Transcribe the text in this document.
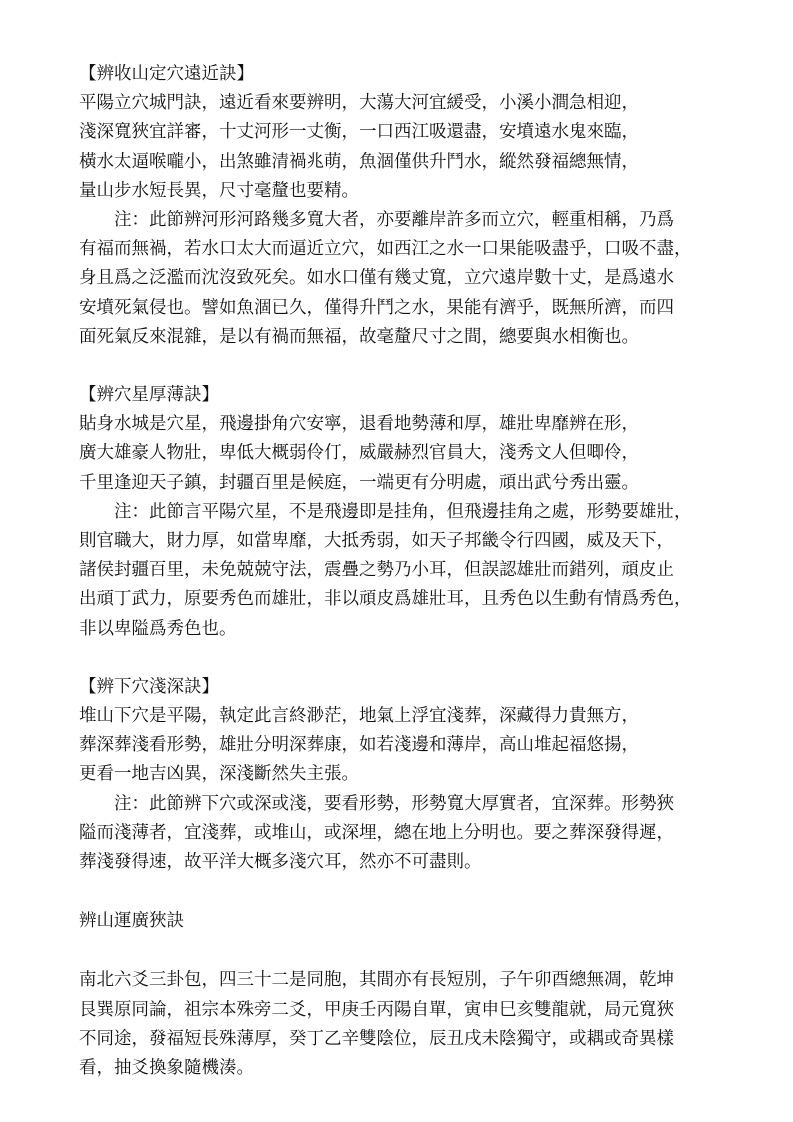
【辨收山定穴遠近訣】
平陽立穴城門訣，遠近看來要辨明，大蕩大河宜緩受，小溪小澗急相迎，
淺深寬狹宜詳審，十丈河形一丈衡，一口西江吸還盡，安墳遠水鬼來臨，
橫水太逼喉嚨小，出煞雖清禍兆萌，魚涸僅供升鬥水，縱然發福總無情，
量山步水短長異，尺寸毫釐也要精。
注：此節辨河形河路幾多寬大者，亦要離岸許多而立穴，輕重相稱，乃爲
有福而無禍，若水口太大而逼近立穴，如西江之水一口果能吸盡乎，口吸不盡，
身且爲之泛濫而沈沒致死矣。如水口僅有幾丈寬，立穴遠岸數十丈，是爲遠水
安墳死氣侵也。譬如魚涸已久，僅得升鬥之水，果能有濟乎，既無所濟，而四
面死氣反來混雜，是以有禍而無福，故毫釐尺寸之間，總要與水相衡也。
【辨穴星厚薄訣】
貼身水城是穴星，飛邊掛角穴安寧，退看地勢薄和厚，雄壯卑靡辨在形，
廣大雄豪人物壯，卑低大概弱伶仃，威嚴赫烈官員大，淺秀文人但唧伶，
千里逢迎天子鎮，封疆百里是候庭，一端更有分明處，頑出武兮秀出靈。
注：此節言平陽穴星，不是飛邊即是挂角，但飛邊挂角之處，形勢要雄壯，
則官職大，財力厚，如當卑靡，大抵秀弱，如天子邦畿令行四國，威及天下，
諸侯封疆百里，未免兢兢守法，震疊之勢乃小耳，但誤認雄壯而錯列，頑皮止
出頑丁武力，原要秀色而雄壯，非以頑皮爲雄壯耳，且秀色以生動有情爲秀色，
非以卑隘爲秀色也。
【辨下穴淺深訣】
堆山下穴是平陽，執定此言終渺茫，地氣上浮宜淺葬，深藏得力貴無方，
葬深葬淺看形勢，雄壯分明深葬康，如若淺邊和薄岸，高山堆起福悠揚，
更看一地吉凶異，深淺斷然失主張。
注：此節辨下穴或深或淺，要看形勢，形勢寬大厚實者，宜深葬。形勢狹
隘而淺薄者，宜淺葬，或堆山，或深埋，總在地上分明也。要之葬深發得遲，
葬淺發得速，故平洋大概多淺穴耳，然亦不可盡則。
辨山運廣狹訣
南北六爻三卦包，四三十二是同胞，其間亦有長短別，子午卯酉總無凋，乾坤
艮巽原同論，祖宗本殊旁二爻，甲庚壬丙陽自單，寅申巳亥雙龍就，局元寬狹
不同途，發福短長殊薄厚，癸丁乙辛雙陰位，辰丑戌未陰獨守，或耦或奇異樣
看，抽爻換象隨機湊。
